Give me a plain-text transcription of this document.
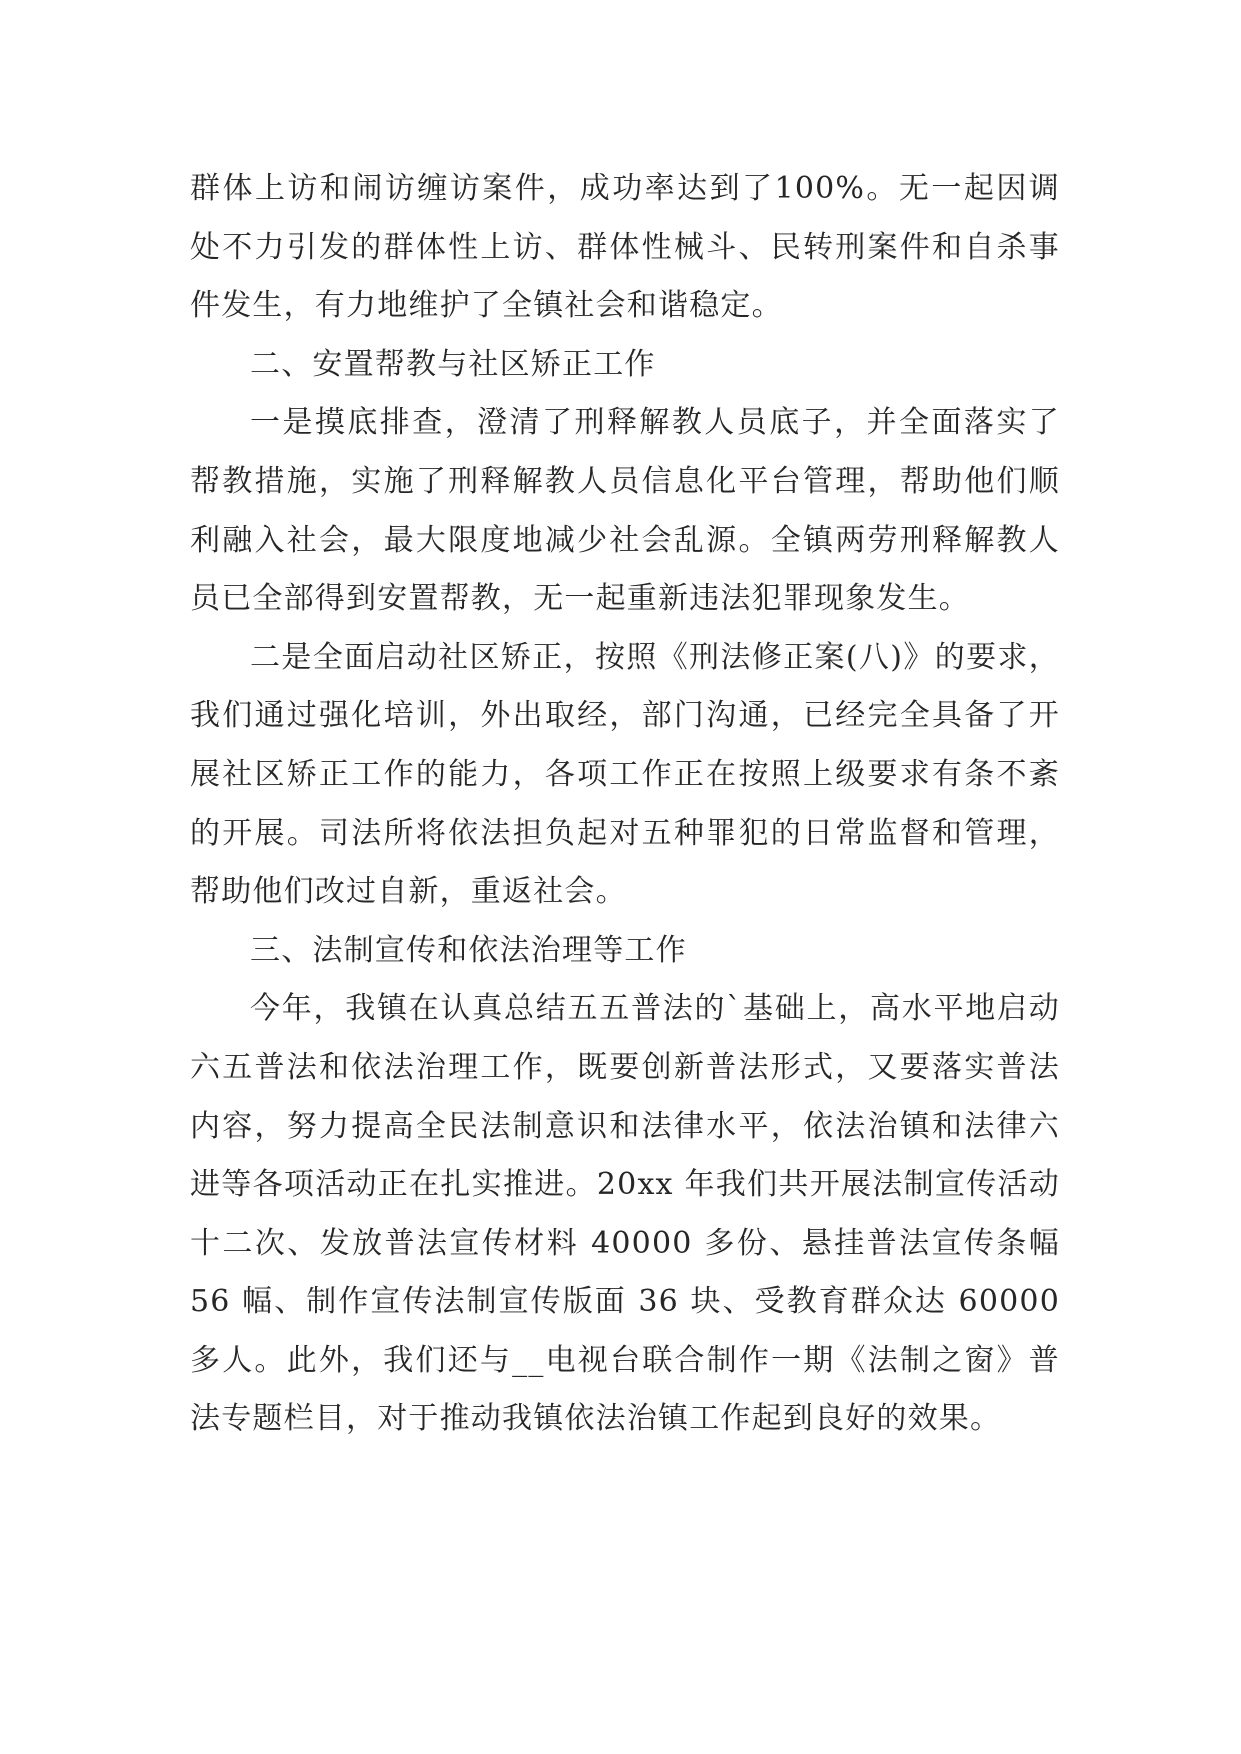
群体上访和闹访缠访案件，成功率达到了100%。无一起因调处不力引发的群体性上访、群体性械斗、民转刑案件和自杀事件发生，有力地维护了全镇社会和谐稳定。

二、安置帮教与社区矫正工作

一是摸底排查，澄清了刑释解教人员底子，并全面落实了帮教措施，实施了刑释解教人员信息化平台管理，帮助他们顺利融入社会，最大限度地减少社会乱源。全镇两劳刑释解教人员已全部得到安置帮教，无一起重新违法犯罪现象发生。

二是全面启动社区矫正，按照《刑法修正案(八)》的要求，我们通过强化培训，外出取经，部门沟通，已经完全具备了开展社区矫正工作的能力，各项工作正在按照上级要求有条不紊的开展。司法所将依法担负起对五种罪犯的日常监督和管理，帮助他们改过自新，重返社会。

三、法制宣传和依法治理等工作

今年，我镇在认真总结五五普法的`基础上，高水平地启动六五普法和依法治理工作，既要创新普法形式，又要落实普法内容，努力提高全民法制意识和法律水平，依法治镇和法律六进等各项活动正在扎实推进。20xx 年我们共开展法制宣传活动十二次、发放普法宣传材料 40000 多份、悬挂普法宣传条幅 56 幅、制作宣传法制宣传版面 36 块、受教育群众达 60000 多人。此外，我们还与__电视台联合制作一期《法制之窗》普法专题栏目，对于推动我镇依法治镇工作起到良好的效果。
